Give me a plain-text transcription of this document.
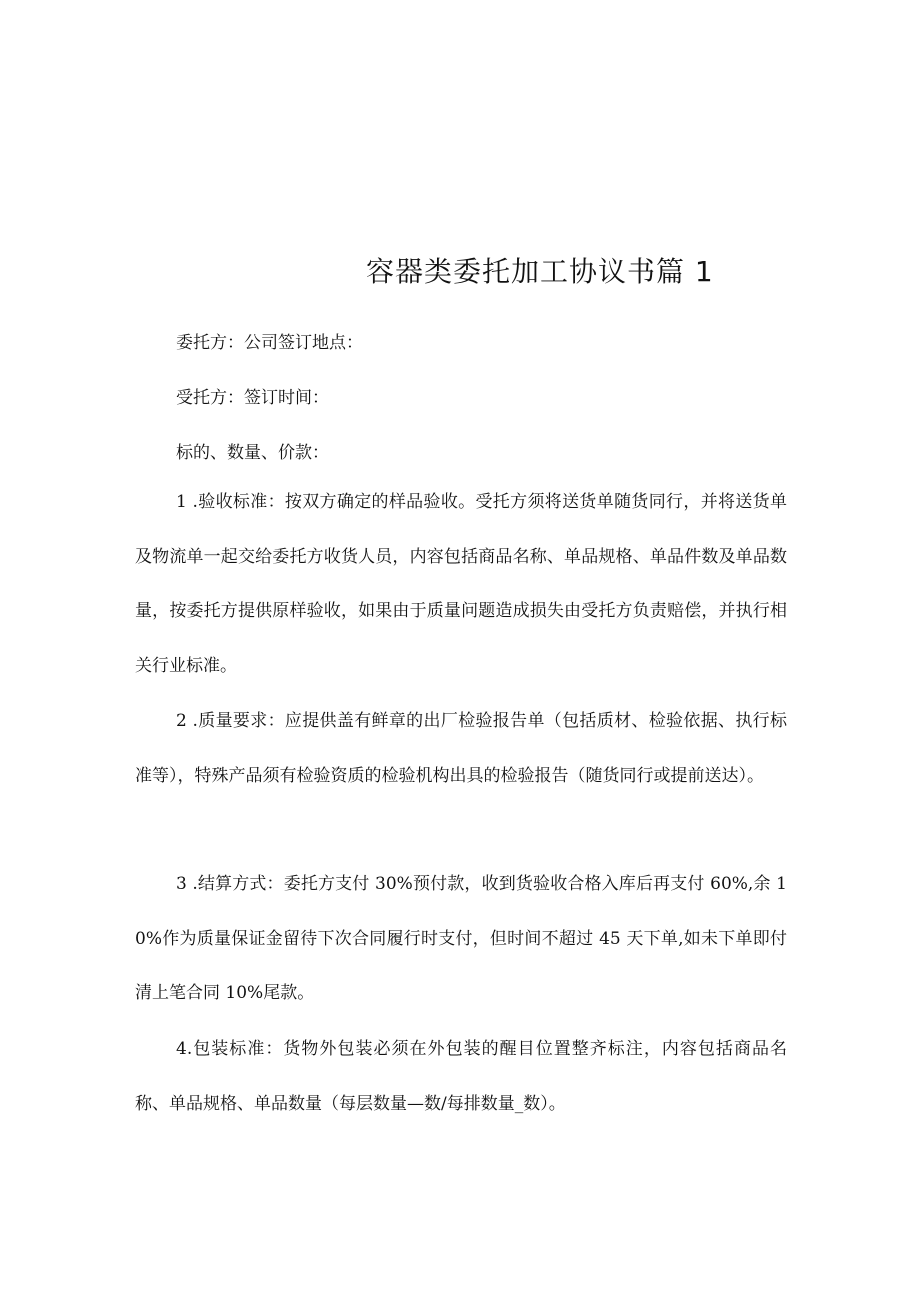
容器类委托加工协议书篇 1

委托方：公司签订地点：

受托方：签订时间：

标的、数量、价款：

1 .验收标准：按双方确定的样品验收。受托方须将送货单随货同行，并将送货单及物流单一起交给委托方收货人员，内容包括商品名称、单品规格、单品件数及单品数量，按委托方提供原样验收，如果由于质量问题造成损失由受托方负责赔偿，并执行相关行业标准。

2 .质量要求：应提供盖有鲜章的出厂检验报告单（包括质材、检验依据、执行标准等），特殊产品须有检验资质的检验机构出具的检验报告（随货同行或提前送达）。

3 .结算方式：委托方支付 30%预付款，收到货验收合格入库后再支付 60%,余 10%作为质量保证金留待下次合同履行时支付，但时间不超过 45 天下单,如未下单即付清上笔合同 10%尾款。

4.包装标准：货物外包装必须在外包装的醒目位置整齐标注，内容包括商品名称、单品规格、单品数量（每层数量—数/每排数量_数）。
